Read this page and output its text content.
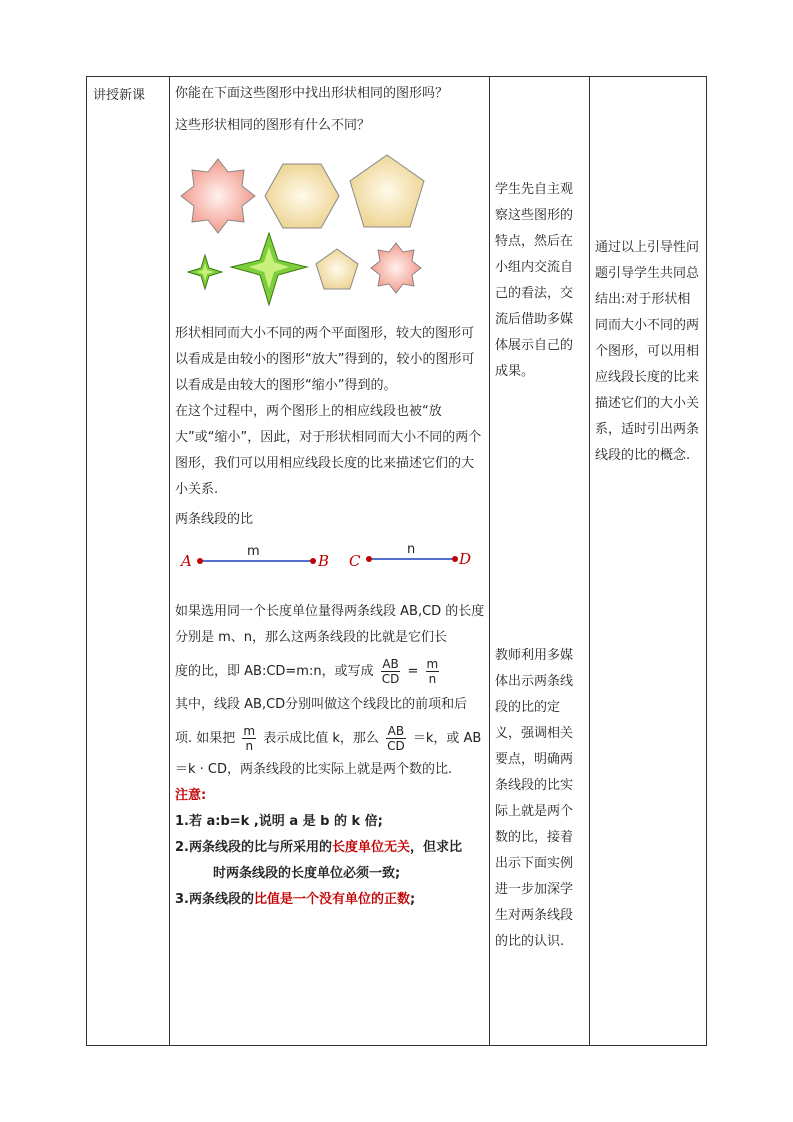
讲授新课	你能在下面这些图形中找出形状相同的图形吗？

这些形状相同的图形有什么不同？

形状相同而大小不同的两个平面图形，较大的图形可以看成是由较小的图形“放大”得到的，较小的图形可以看成是由较大的图形“缩小”得到的。

在这个过程中，两个图形上的相应线段也被“放大”或“缩小”，因此，对于形状相同而大小不同的两个图形，我们可以用相应线段长度的比来描述它们的大小关系.

两条线段的比

A
m
B C
n
D

如果选用同一个长度单位量得两条线段 AB,CD 的长度分别是 m、n，那么这两条线段的比就是它们长

度的比，即 AB:CD=m:n，或写成 $\frac{AB}{CD} = \frac{m}{n}$

其中，线段 AB,CD分别叫做这个线段比的前项和后

项. 如果把 $\frac{m}{n}$ 表示成比值 k，那么 $\frac{AB}{CD} =k$，或 AB

＝k · CD，两条线段的比实际上就是两个数的比.

注意:

1.若 a:b=k ,说明 a 是 b 的 k 倍;

2.两条线段的比与所采用的长度单位无关，但求比

时两条线段的长度单位必须一致;

3.两条线段的比值是一个没有单位的正数;

学生先自主观察这些图形的特点，然后在小组内交流自己的看法，交流后借助多媒体展示自己的成果。
教师利用多媒体出示两条线段的比的定义，强调相关要点，明确两条线段的比实际上就是两个数的比，接着出示下面实例进一步加深学生对两条线段的比的认识.
通过以上引导性问题引导学生共同总结出:对于形状相同而大小不同的两个图形，可以用相应线段长度的比来描述它们的大小关系，适时引出两条线段的比的概念.
